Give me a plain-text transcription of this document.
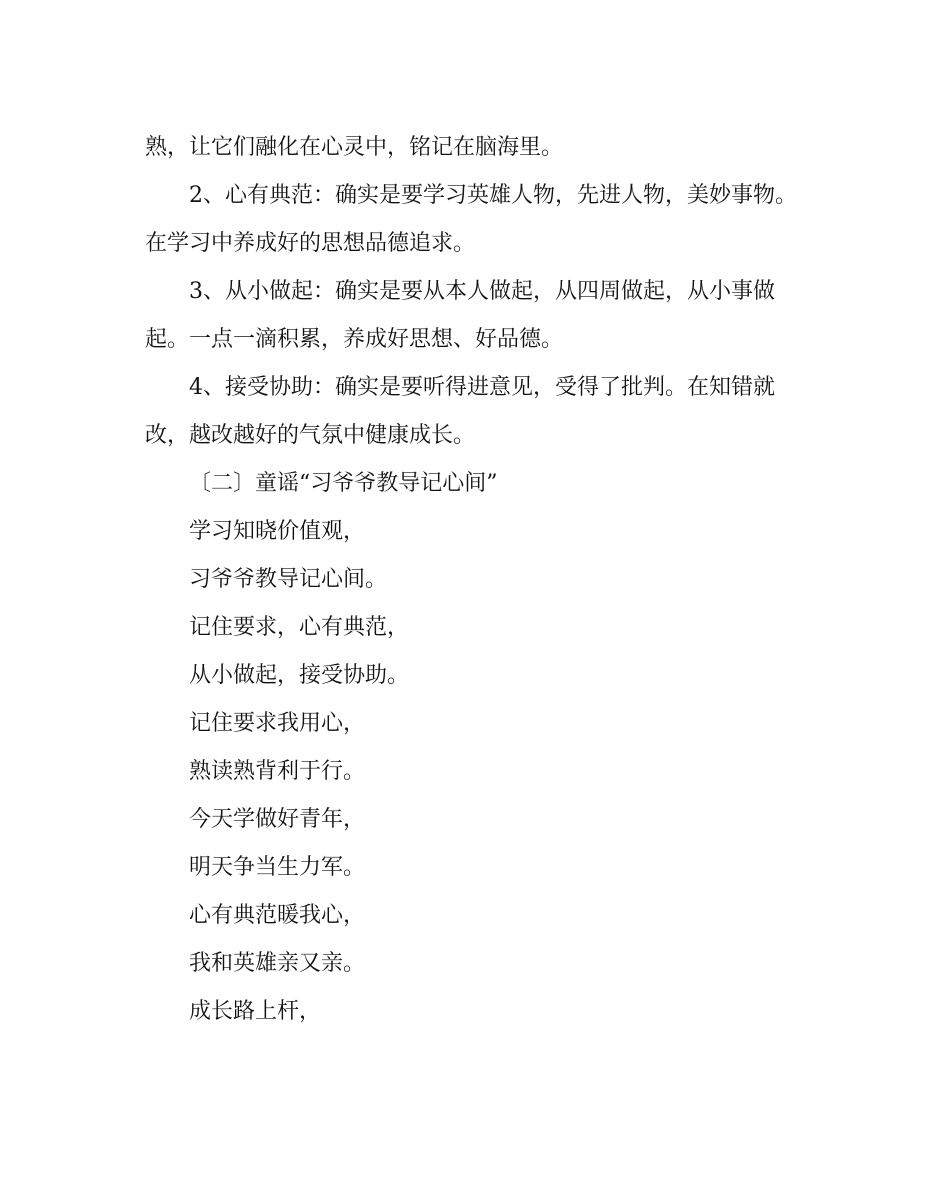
熟，让它们融化在心灵中，铭记在脑海里。
2、心有典范：确实是要学习英雄人物，先进人物，美妙事物。
在学习中养成好的思想品德追求。
3、从小做起：确实是要从本人做起，从四周做起，从小事做
起。一点一滴积累，养成好思想、好品德。
4、接受协助：确实是要听得进意见，受得了批判。在知错就
改，越改越好的气氛中健康成长。
〔二〕童谣“习爷爷教导记心间”
学习知晓价值观，
习爷爷教导记心间。
记住要求，心有典范，
从小做起，接受协助。
记住要求我用心，
熟读熟背利于行。
今天学做好青年，
明天争当生力军。
心有典范暖我心，
我和英雄亲又亲。
成长路上杆，
